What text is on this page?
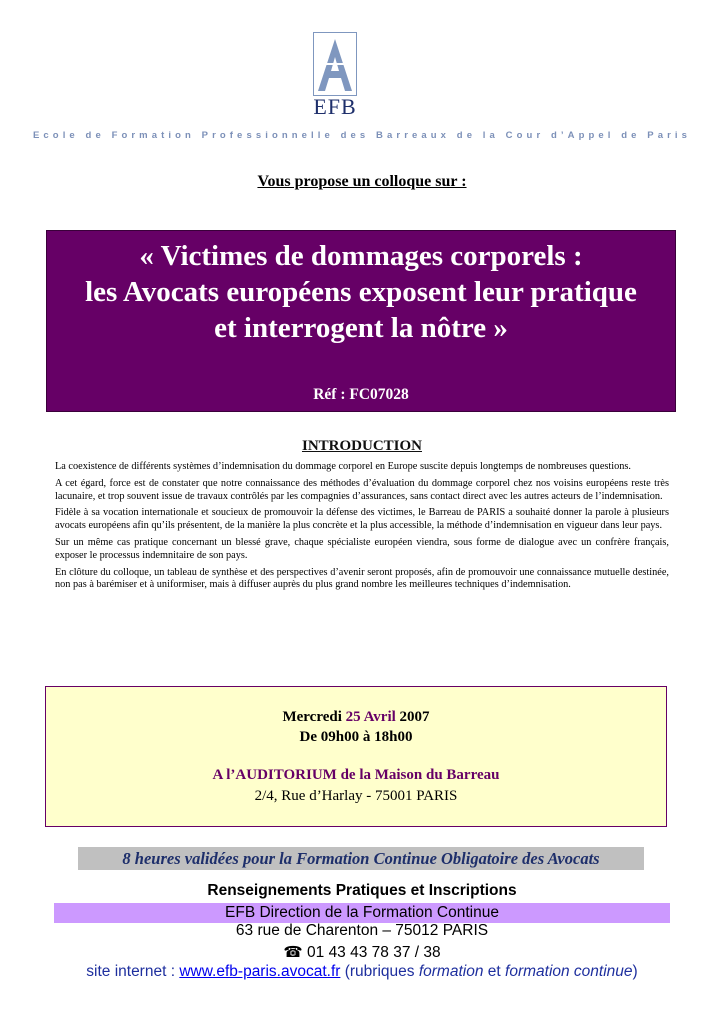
EFB
Ecole de Formation Professionnelle des Barreaux de la Cour d’Appel de Paris
Vous propose un colloque sur :
« Victimes de dommages corporels :
les Avocats européens exposent leur pratique
et interrogent la nôtre »
Réf : FC07028
INTRODUCTION

La coexistence de différents systèmes d’indemnisation du dommage corporel en Europe suscite depuis longtemps de nombreuses questions.

A cet égard, force est de constater que notre connaissance des méthodes d’évaluation du dommage corporel chez nos voisins européens reste très lacunaire, et trop souvent issue de travaux contrôlés par les compagnies d’assurances, sans contact direct avec les autres acteurs de l’indemnisation.

Fidèle à sa vocation internationale et soucieux de promouvoir la défense des victimes, le Barreau de PARIS a souhaité donner la parole à plusieurs avocats européens afin qu’ils présentent, de la manière la plus concrète et la plus accessible, la méthode d’indemnisation en vigueur dans leur pays.

Sur un même cas pratique concernant un blessé grave, chaque spécialiste européen viendra, sous forme de dialogue avec un confrère français, exposer le processus indemnitaire de son pays.

En clôture du colloque, un tableau de synthèse et des perspectives d’avenir seront proposés, afin de promouvoir une connaissance mutuelle destinée, non pas à barémiser et à uniformiser, mais à diffuser auprès du plus grand nombre les meilleures techniques d’indemnisation.

Mercredi 25 Avril 2007
De 09h00 à 18h00
A l’AUDITORIUM de la Maison du Barreau
2/4, Rue d’Harlay - 75001 PARIS
8 heures validées pour la Formation Continue Obligatoire des Avocats
Renseignements Pratiques et Inscriptions
EFB Direction de la Formation Continue
63 rue de Charenton – 75012 PARIS
☎ 01 43 43 78 37 / 38
site internet : www.efb-paris.avocat.fr (rubriques formation et formation continue)
